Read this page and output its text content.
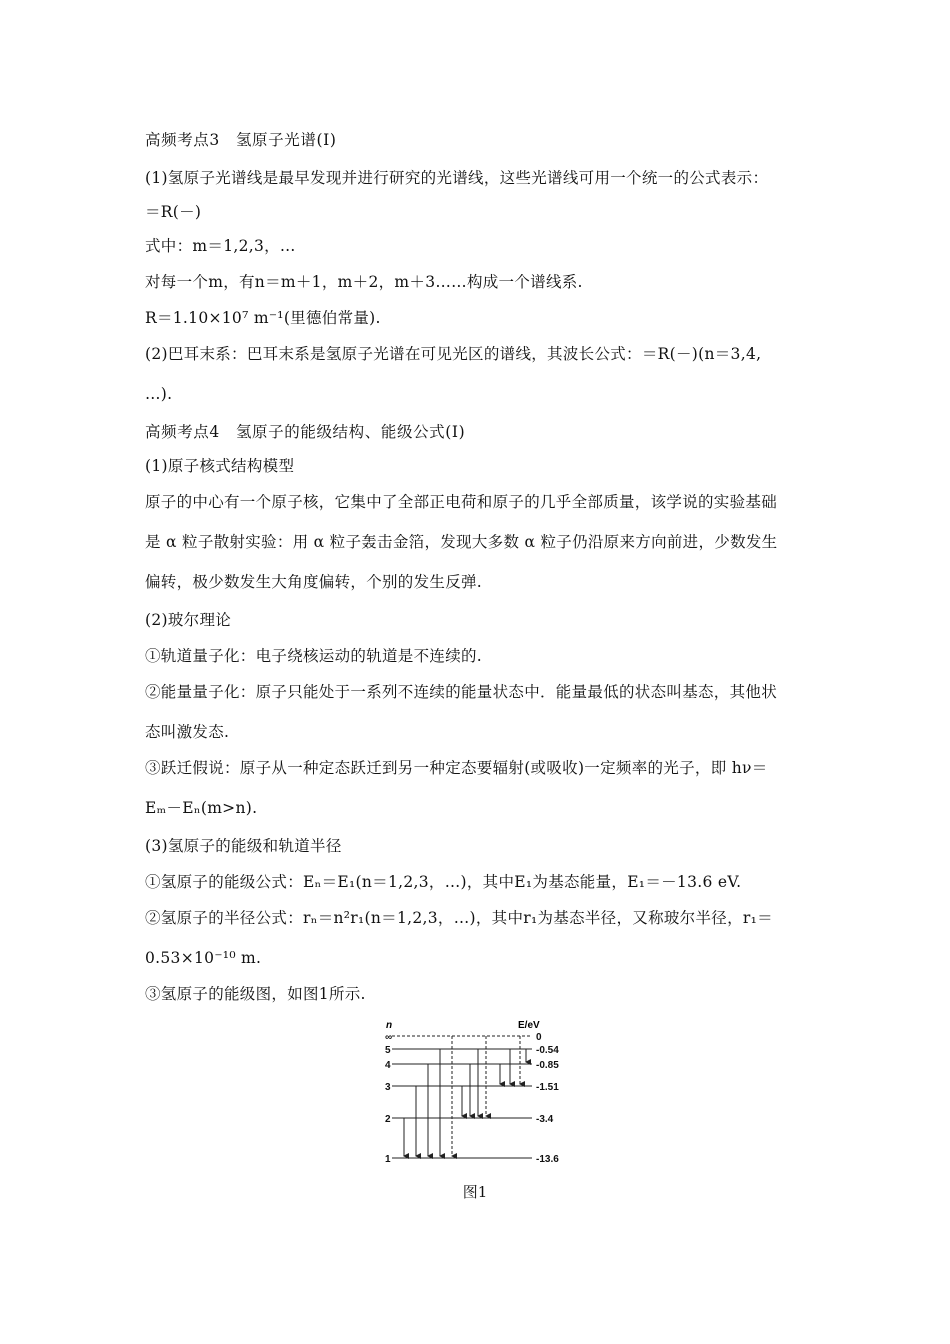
高频考点3　氢原子光谱(Ⅰ)
(1)氢原子光谱线是最早发现并进行研究的光谱线，这些光谱线可用一个统一的公式表示：
＝R(－)
式中：m＝1,2,3，…
对每一个m，有n＝m＋1，m＋2，m＋3……构成一个谱线系.
R＝1.10×10⁷ m⁻¹(里德伯常量).
(2)巴耳末系：巴耳末系是氢原子光谱在可见光区的谱线，其波长公式：＝R(－)(n＝3,4,
…).
高频考点4　氢原子的能级结构、能级公式(Ⅰ)
(1)原子核式结构模型
原子的中心有一个原子核，它集中了全部正电荷和原子的几乎全部质量，该学说的实验基础
是 α 粒子散射实验：用 α 粒子轰击金箔，发现大多数 α 粒子仍沿原来方向前进，少数发生
偏转，极少数发生大角度偏转，个别的发生反弹.
(2)玻尔理论
①轨道量子化：电子绕核运动的轨道是不连续的.
②能量量子化：原子只能处于一系列不连续的能量状态中．能量最低的状态叫基态，其他状
态叫激发态.
③跃迁假说：原子从一种定态跃迁到另一种定态要辐射(或吸收)一定频率的光子，即 hν＝
Eₘ－Eₙ(m>n).
(3)氢原子的能级和轨道半径
①氢原子的能级公式：Eₙ＝E₁(n＝1,2,3，…)，其中E₁为基态能量，E₁＝－13.6 eV.
②氢原子的半径公式：rₙ＝n²r₁(n＝1,2,3，…)，其中r₁为基态半径，又称玻尔半径，r₁＝
0.53×10⁻¹⁰ m.
③氢原子的能级图，如图1所示.
n	E/eV
∞
5
4
3
2
1
0
-0.54
-0.85
-1.51
-3.4
-13.6
图1
